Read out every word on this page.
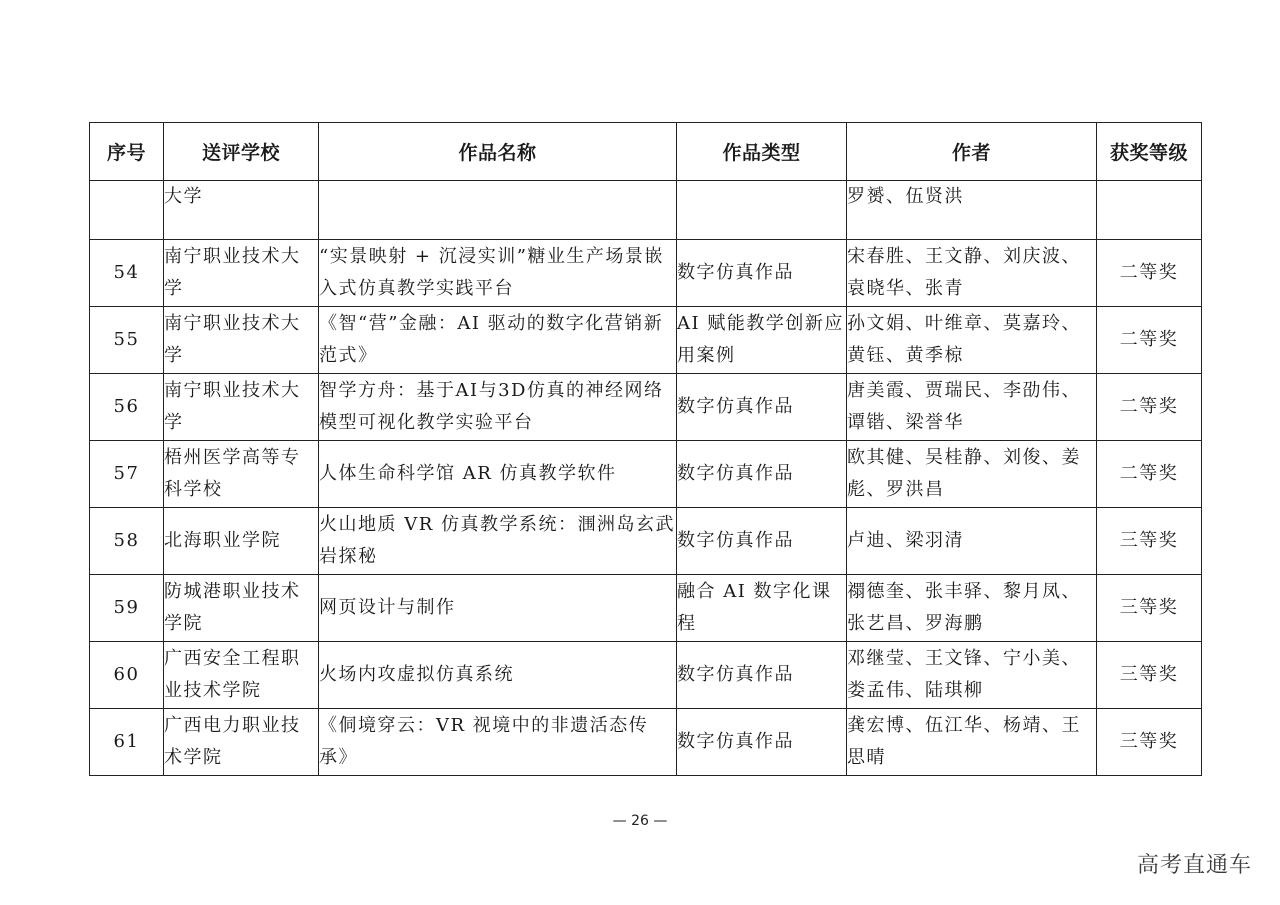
序号	送评学校	作品名称	作品类型	作者	获奖等级

	大学			罗赟、伍贤洪	

54	南宁职业技术大学	“实景映射 + 沉浸实训”糖业生产场景嵌入式仿真教学实践平台	数字仿真作品	宋春胜、王文静、刘庆波、袁晓华、张青	二等奖
55	南宁职业技术大学	《智“营”金融：AI 驱动的数字化营销新范式》	AI 赋能教学创新应用案例	孙文娟、叶维章、莫嘉玲、黄钰、黄季椋	二等奖
56	南宁职业技术大学	智学方舟：基于AI与3D仿真的神经网络模型可视化教学实验平台	数字仿真作品	唐美霞、贾瑞民、李劭伟、谭锴、梁誉华	二等奖
57	梧州医学高等专科学校	人体生命科学馆 AR 仿真教学软件	数字仿真作品	欧其健、吴桂静、刘俊、姜彪、罗洪昌	二等奖
58	北海职业学院	火山地质 VR 仿真教学系统：涠洲岛玄武岩探秘	数字仿真作品	卢迪、梁羽清	三等奖
59	防城港职业技术学院	网页设计与制作	融合 AI 数字化课程	禤德奎、张丰驿、黎月凤、张艺昌、罗海鹏	三等奖
60	广西安全工程职业技术学院	火场内攻虚拟仿真系统	数字仿真作品	邓继莹、王文锋、宁小美、娄孟伟、陆琪柳	三等奖
61	广西电力职业技术学院	《侗境穿云：VR 视境中的非遗活态传承》	数字仿真作品	龚宏博、伍江华、杨靖、王思晴	三等奖
— 26 —
高考直通车
